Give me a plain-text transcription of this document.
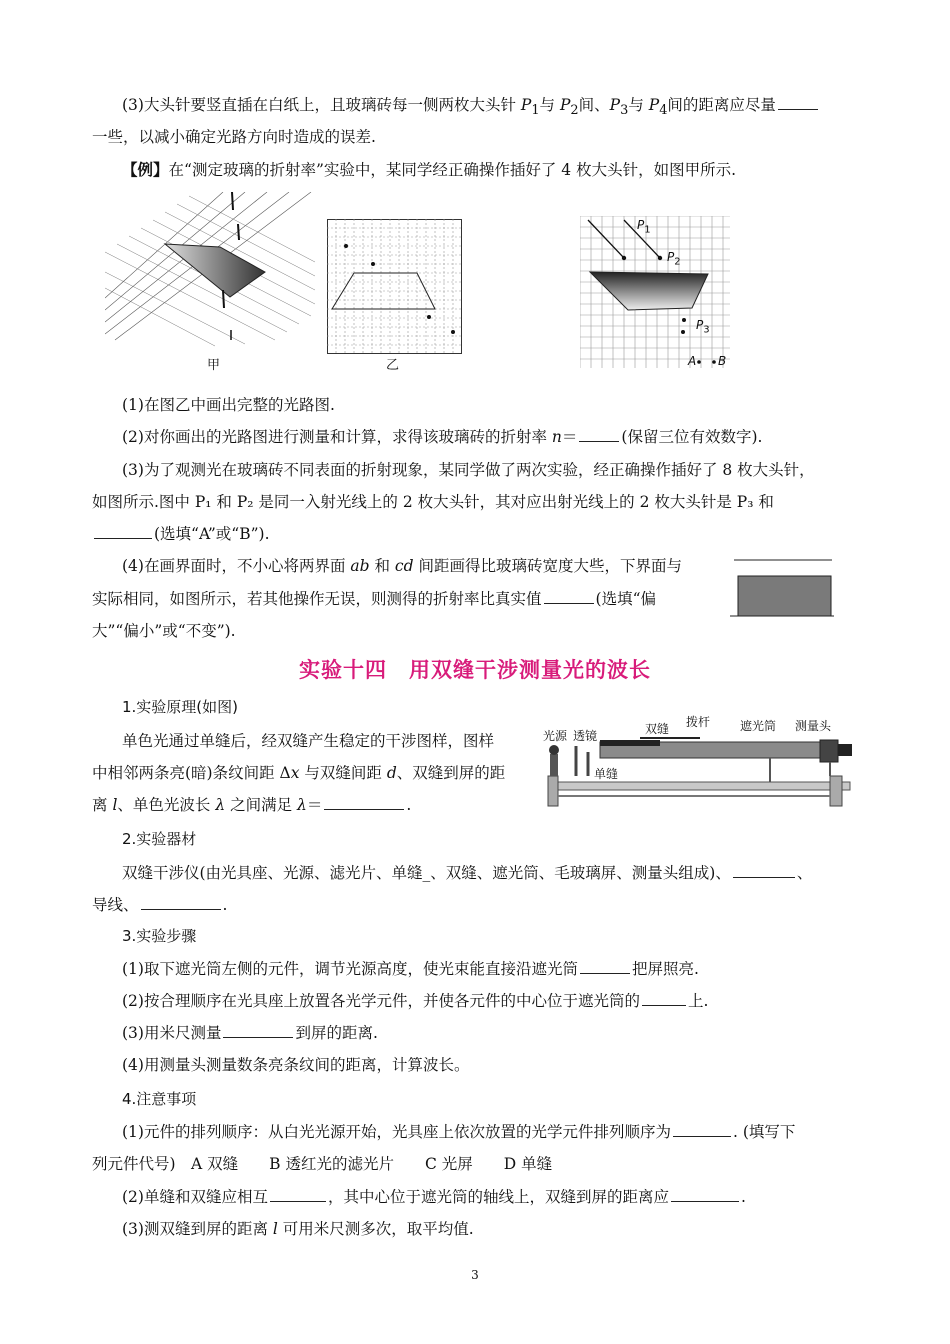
(3)大头针要竖直插在白纸上，且玻璃砖每一侧两枚大头针 $P_1$与 $P_2$间、$P_3$与 $P_4$间的距离应尽量
一些，以减小确定光路方向时造成的误差.
【例】在“测定玻璃的折射率”实验中，某同学经正确操作插好了 4 枚大头针，如图甲所示.
甲	乙
$P_1$
$P_2$
$P_3$
A B
(1)在图乙中画出完整的光路图.
(2)对你画出的光路图进行测量和计算，求得该玻璃砖的折射率 n＝	(保留三位有效数字).
(3)为了观测光在玻璃砖不同表面的折射现象，某同学做了两次实验，经正确操作插好了 8 枚大头针，
如图所示.图中 P₁ 和 P₂ 是同一入射光线上的 2 枚大头针，其对应出射光线上的 2 枚大头针是 P₃ 和
(选填“A”或“B”).
(4)在画界面时，不小心将两界面 ab 和 cd 间距画得比玻璃砖宽度大些，下界面与
实际相同，如图所示，若其他操作无误，则测得的折射率比真实值	(选填“偏
大”“偏小”或“不变”).
实验十四　用双缝干涉测量光的波长
1.实验原理(如图)
单色光通过单缝后，经双缝产生稳定的干涉图样，图样
中相邻两条亮(暗)条纹间距 Δx 与双缝间距 d、双缝到屏的距
离 l、单色光波长 λ 之间满足 λ＝	.
光源 透镜	双缝 拨杆 遮光筒 测量头
单缝
2.实验器材
双缝干涉仪(由光具座、光源、滤光片、单缝_、双缝、遮光筒、毛玻璃屏、测量头组成)、	、
导线、	.
3.实验步骤
(1)取下遮光筒左侧的元件，调节光源高度，使光束能直接沿遮光筒	把屏照亮.
(2)按合理顺序在光具座上放置各光学元件，并使各元件的中心位于遮光筒的	上.
(3)用米尺测量	到屏的距离.
(4)用测量头测量数条亮条纹间的距离，计算波长。
4.注意事项
(1)元件的排列顺序：从白光光源开始，光具座上依次放置的光学元件排列顺序为	. (填写下
列元件代号)　A 双缝　　B 透红光的滤光片　　C 光屏　　D 单缝
(2)单缝和双缝应相互	，其中心位于遮光筒的轴线上，双缝到屏的距离应	.
(3)测双缝到屏的距离 l 可用米尺测多次，取平均值.
3
